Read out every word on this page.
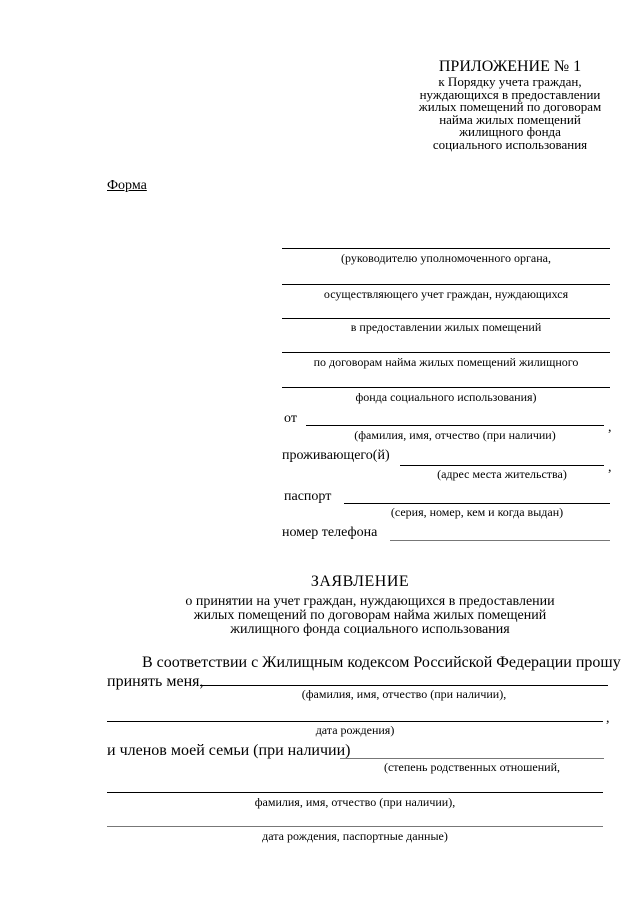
ПРИЛОЖЕНИЕ № 1
к Порядку учета граждан,
нуждающихся в предоставлении
жилых помещений по договорам
найма жилых помещений
жилищного фонда
социального использования
Форма
(руководителю уполномоченного органа,
осуществляющего учет граждан, нуждающихся
в предоставлении жилых помещений
по договорам найма жилых помещений жилищного
фонда социального использования)
от
,
(фамилия, имя, отчество (при наличии)
проживающего(й)
,
(адрес места жительства)
паспорт
(серия, номер, кем и когда выдан)
номер телефона
ЗАЯВЛЕНИЕ
о принятии на учет граждан, нуждающихся в предоставлении
жилых помещений по договорам найма жилых помещений
жилищного фонда социального использования
В соответствии с Жилищным кодексом Российской Федерации прошу
принять меня,
(фамилия, имя, отчество (при наличии),
,
дата рождения)
и членов моей семьи (при наличии)
(степень родственных отношений,
фамилия, имя, отчество (при наличии),
дата рождения, паспортные данные)
